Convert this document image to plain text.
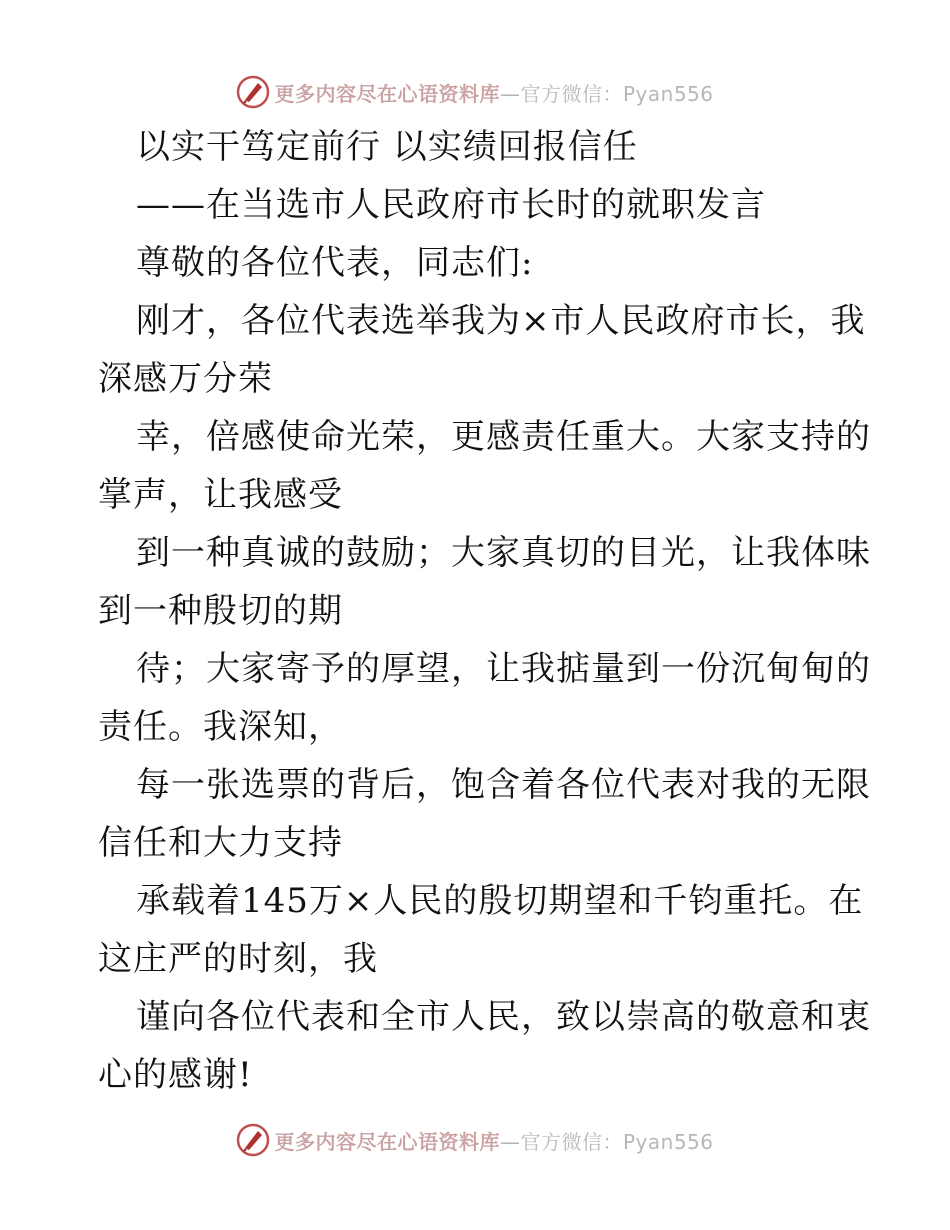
更多内容尽在心语资料库—官方微信：Pyan556
以实干笃定前行 以实绩回报信任
——在当选市人民政府市长时的就职发言
尊敬的各位代表，同志们:
刚才，各位代表选举我为×市人民政府市长，我
深感万分荣
幸，倍感使命光荣，更感责任重大。大家支持的
掌声，让我感受
到一种真诚的鼓励；大家真切的目光，让我体味
到一种殷切的期
待；大家寄予的厚望，让我掂量到一份沉甸甸的
责任。我深知，
每一张选票的背后，饱含着各位代表对我的无限
信任和大力支持
承载着145万×人民的殷切期望和千钧重托。在
这庄严的时刻，我
谨向各位代表和全市人民，致以崇高的敬意和衷
心的感谢!
更多内容尽在心语资料库—官方微信：Pyan556
